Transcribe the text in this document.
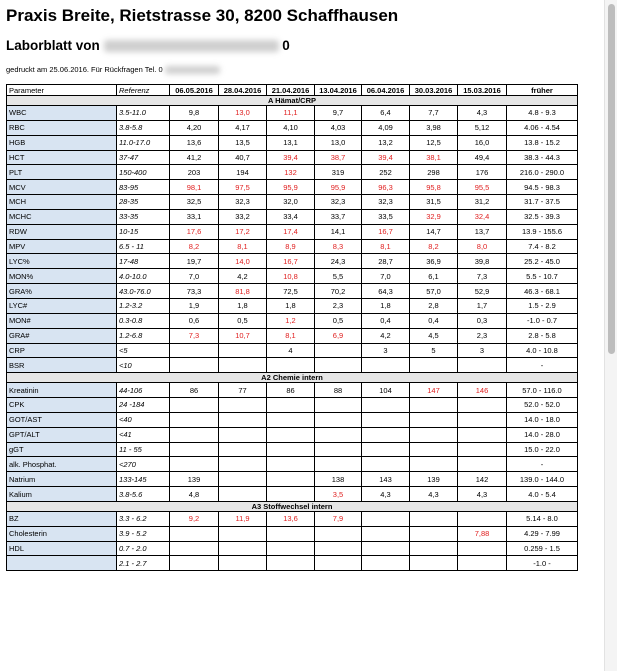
Praxis Breite, Rietstrasse 30, 8200 Schaffhausen
Laborblatt von	0
gedruckt am 25.06.2016. Für Rückfragen Tel. 0
Parameter	Referenz	06.05.2016	28.04.2016	21.04.2016	13.04.2016	06.04.2016	30.03.2016	15.03.2016	früher
A Hämat/CRP									
WBC	3.5-11.0	9,8	13,0	11,1	9,7	6,4	7,7	4,3	4.8 - 9.3
RBC	3.8-5.8	4,20	4,17	4,10	4,03	4,09	3,98	5,12	4.06 - 4.54
HGB	11.0-17.0	13,6	13,5	13,1	13,0	13,2	12,5	16,0	13.8 - 15.2
HCT	37-47	41,2	40,7	39,4	38,7	39,4	38,1	49,4	38.3 - 44.3
PLT	150-400	203	194	132	319	252	298	176	216.0 - 290.0
MCV	83-95	98,1	97,5	95,9	95,9	96,3	95,8	95,5	94.5 - 98.3
MCH	28-35	32,5	32,3	32,0	32,3	32,3	31,5	31,2	31.7 - 37.5
MCHC	33-35	33,1	33,2	33,4	33,7	33,5	32,9	32,4	32.5 - 39.3
RDW	10-15	17,6	17,2	17,4	14,1	16,7	14,7	13,7	13.9 - 155.6
MPV	6.5 - 11	8,2	8,1	8,9	8,3	8,1	8,2	8,0	7.4 - 8.2
LYC%	17-48	19,7	14,0	16,7	24,3	28,7	36,9	39,8	25.2 - 45.0
MON%	4.0-10.0	7,0	4,2	10,8	5,5	7,0	6,1	7,3	5.5 - 10.7
GRA%	43.0-76.0	73,3	81,8	72,5	70,2	64,3	57,0	52,9	46.3 - 68.1
LYC#	1.2-3.2	1,9	1,8	1,8	2,3	1,8	2,8	1,7	1.5 - 2.9
MON#	0.3-0.8	0,6	0,5	1,2	0,5	0,4	0,4	0,3	-1.0 - 0.7
GRA#	1.2-6.8	7,3	10,7	8,1	6,9	4,2	4,5	2,3	2.8 - 5.8
CRP	<5			4		3	5	3	4.0 - 10.8
BSR	<10								-
A2 Chemie intern									
Kreatinin	44-106	86	77	86	88	104	147	146	57.0 - 116.0
CPK	24 -184								52.0 - 52.0
GOT/AST	<40								14.0 - 18.0
GPT/ALT	<41								14.0 - 28.0
gGT	11 - 55								15.0 - 22.0
alk. Phosphat.	<270								-
Natrium	133-145	139			138	143	139	142	139.0 - 144.0
Kalium	3.8-5.6	4,8			3,5	4,3	4,3	4,3	4.0 - 5.4
A3 Stoffwechsel intern									
BZ	3.3 - 6.2	9,2	11,9	13,6	7,9				5.14 - 8.0
Cholesterin	3.9 - 5.2							7,88	4.29 - 7.99
HDL	0.7 - 2.0								0.259 - 1.5
	2.1 - 2.7								-1.0 -
